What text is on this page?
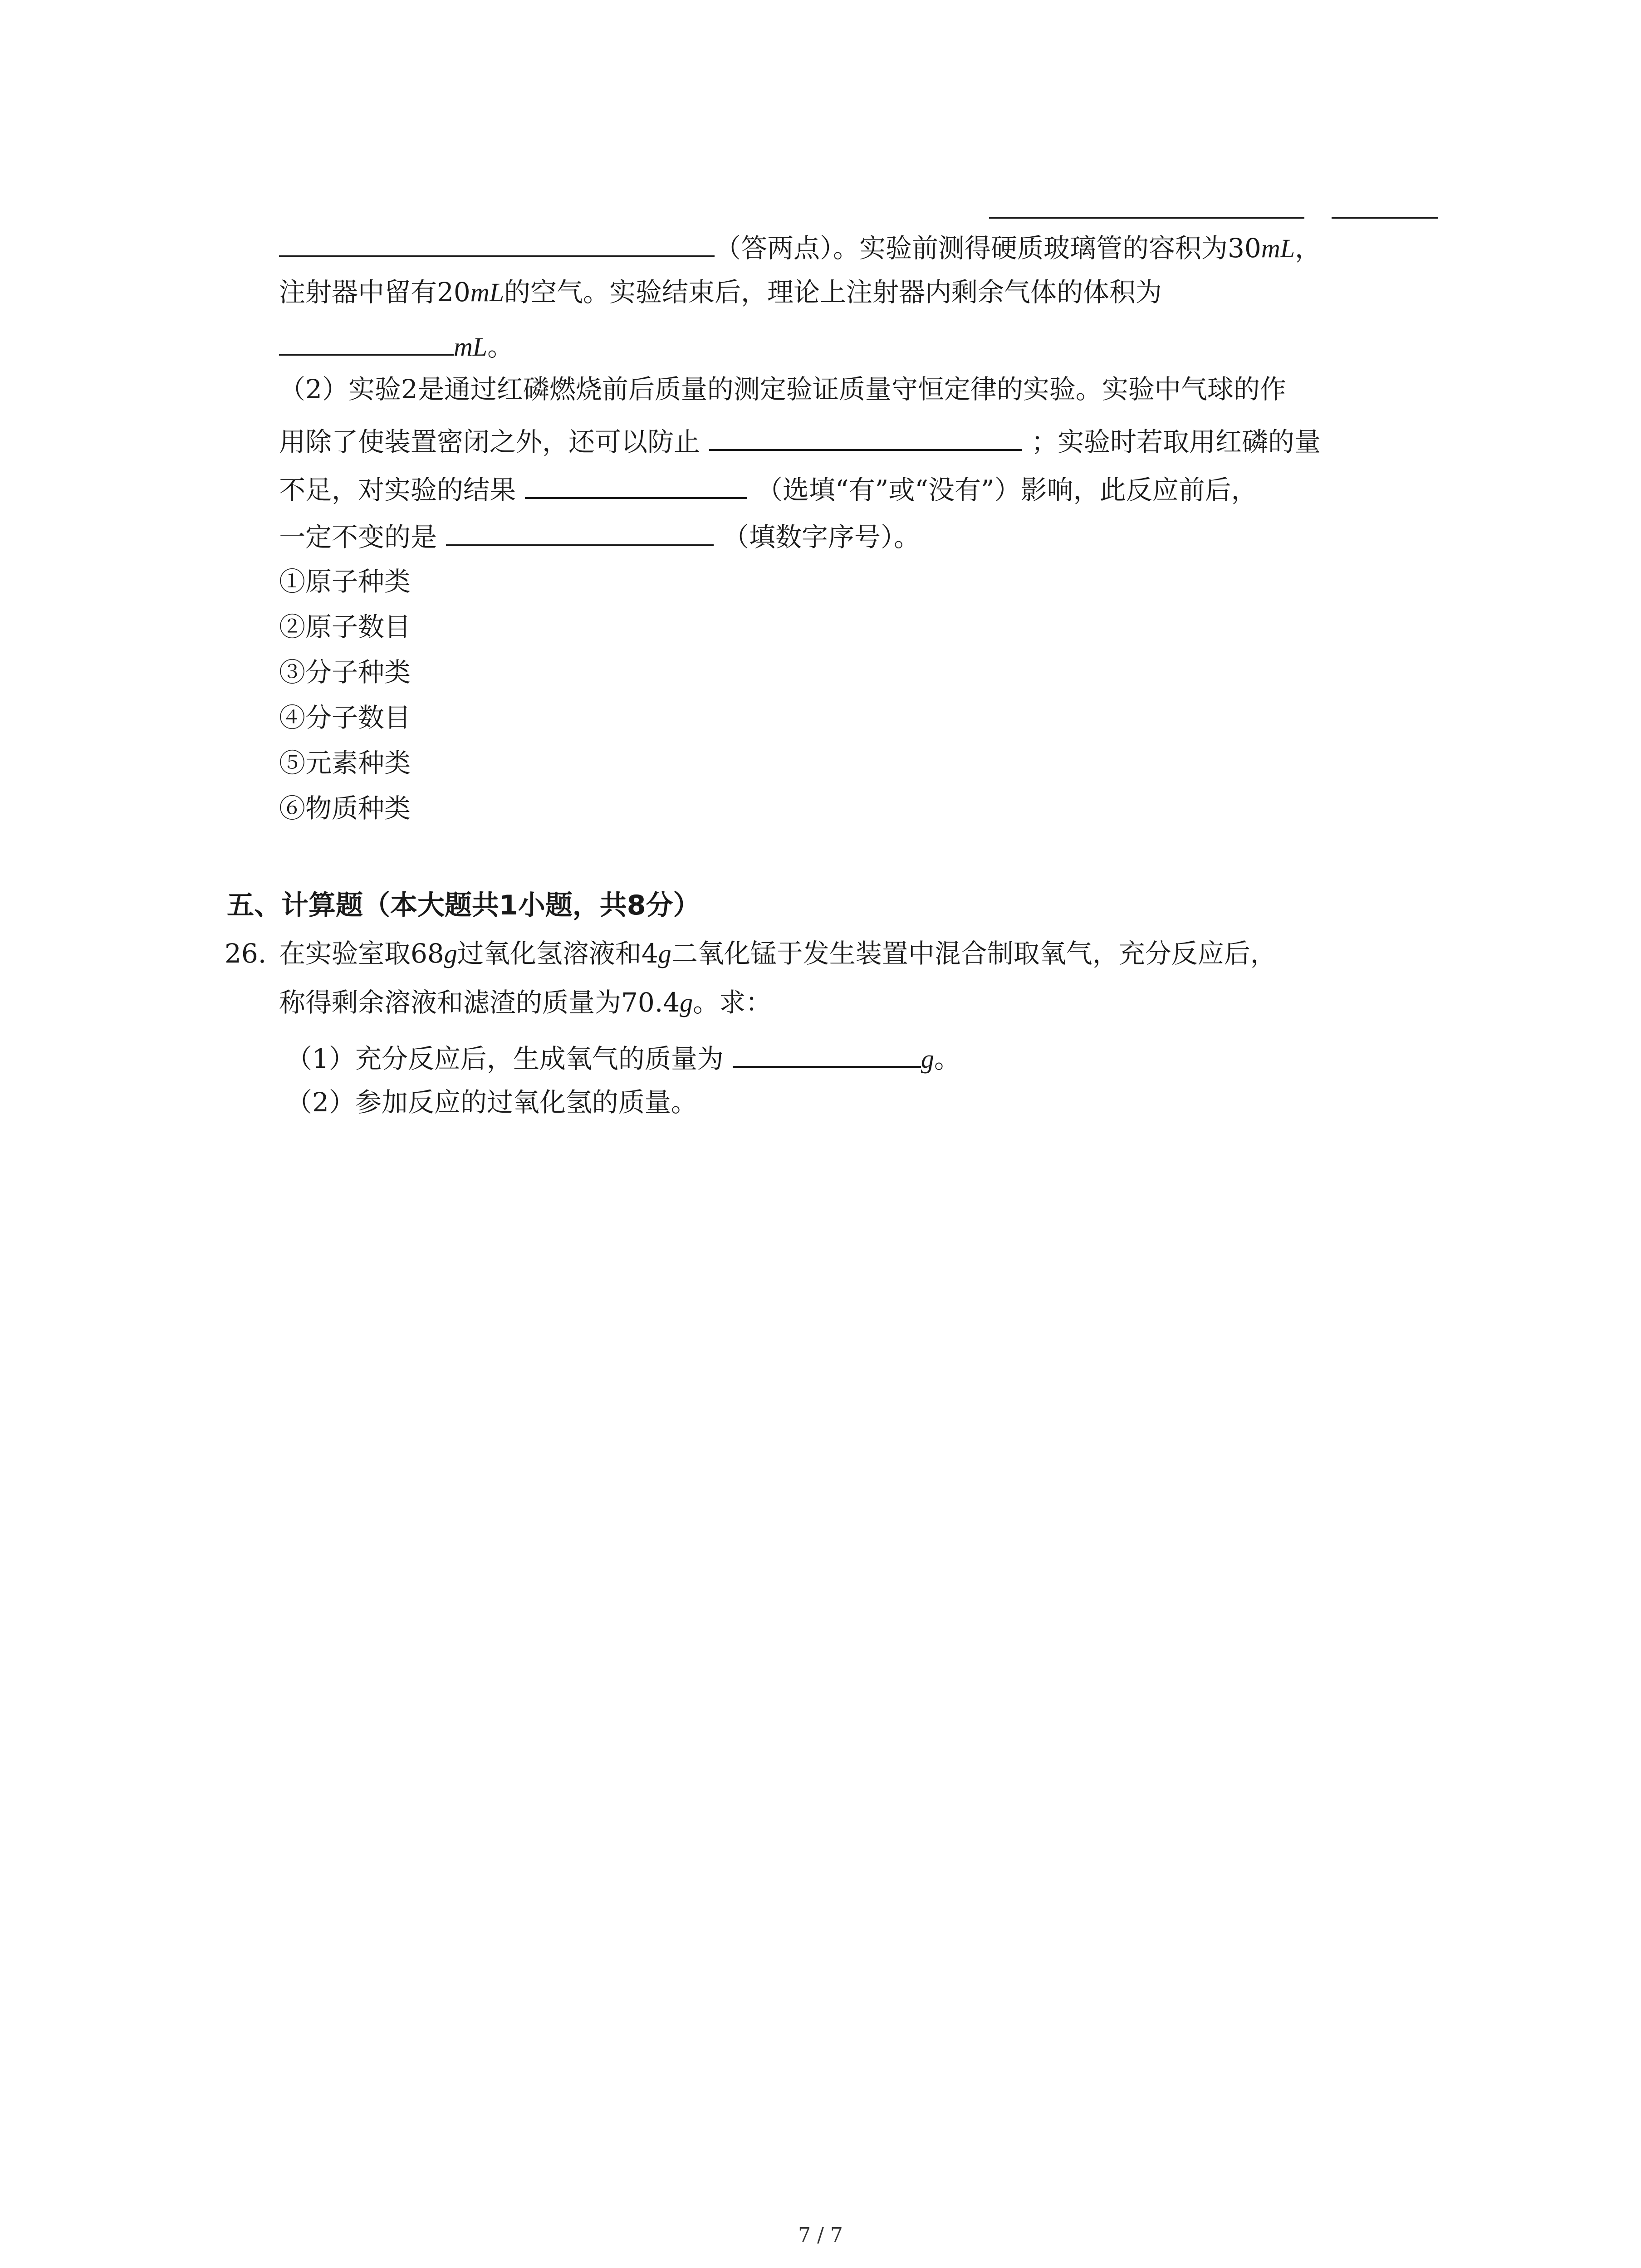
（答两点）。实验前测得硬质玻璃管的容积为30mL，
注射器中留有20mL的空气。实验结束后，理论上注射器内剩余气体的体积为
mL。
（2）实验2是通过红磷燃烧前后质量的测定验证质量守恒定律的实验。实验中气球的作
用除了使装置密闭之外，还可以防止	；实验时若取用红磷的量
不足，对实验的结果	（选填“有”或“没有”）影响，此反应前后，
一定不变的是	（填数字序号）。
①原子种类
②原子数目
③分子种类
④分子数目
⑤元素种类
⑥物质种类
五、计算题（本大题共1小题，共8分）
26. 在实验室取68g过氧化氢溶液和4g二氧化锰于发生装置中混合制取氧气，充分反应后，
称得剩余溶液和滤渣的质量为70.4g。求：
（1）充分反应后，生成氧气的质量为	g。
（2）参加反应的过氧化氢的质量。
7 / 7
